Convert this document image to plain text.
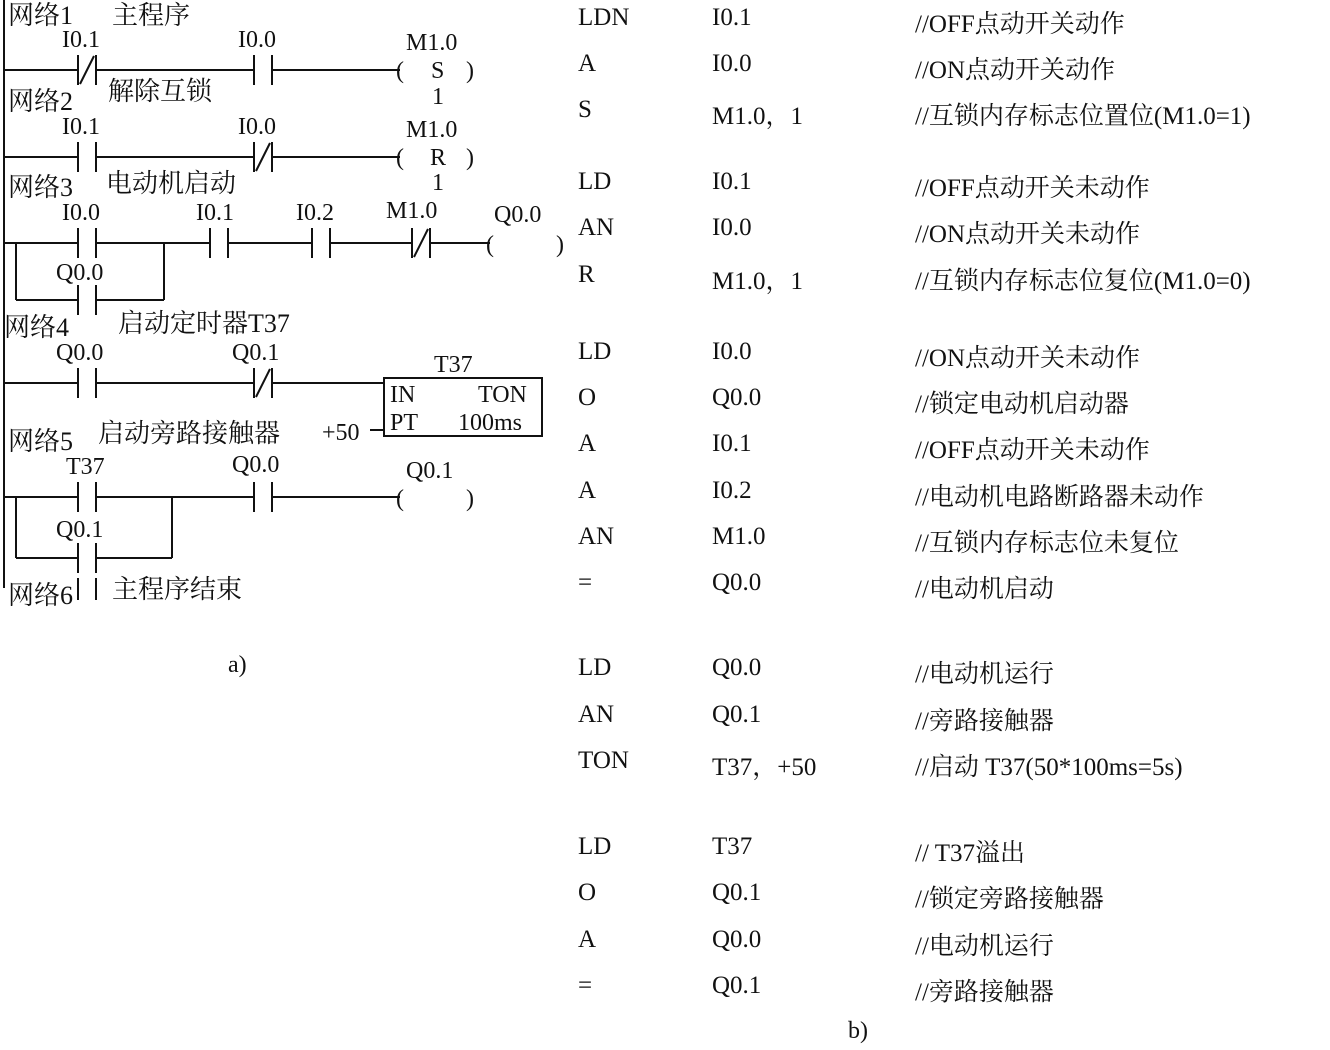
(	)
(	)
(	)
(	)
网络1 主程序
网络2 解除互锁
网络3 电动机启动
网络4 启动定时器T37
网络5 启动旁路接触器
网络6 主程序结束
I0.1	I0.0	M1.0
S
1
I0.1	I0.0	M1.0
R
1
I0.0	I0.1	I0.2 M1.0 Q0.0
Q0.0
Q0.0	Q0.1	T37
IN	TON
PT 100ms
+50
T37	Q0.0	Q0.1
Q0.1
a)
LDN	I0.1	//OFF点动开关动作
A	I0.0	//ON点动开关动作
S	M1.0，1	//互锁内存标志位置位(M1.0=1)
LD	I0.1	//OFF点动开关未动作
AN	I0.0	//ON点动开关未动作
R	M1.0，1	//互锁内存标志位复位(M1.0=0)
LD	I0.0	//ON点动开关未动作
O	Q0.0	//锁定电动机启动器
A	I0.1	//OFF点动开关未动作
A	I0.2	//电动机电路断路器未动作
AN	M1.0	//互锁内存标志位未复位
=	Q0.0	//电动机启动
LD	Q0.0	//电动机运行
AN	Q0.1	//旁路接触器
TON	T37，+50	//启动 T37(50*100ms=5s)
LD	T37	// T37溢出
O	Q0.1	//锁定旁路接触器
A	Q0.0	//电动机运行
=	Q0.1	//旁路接触器
b)
